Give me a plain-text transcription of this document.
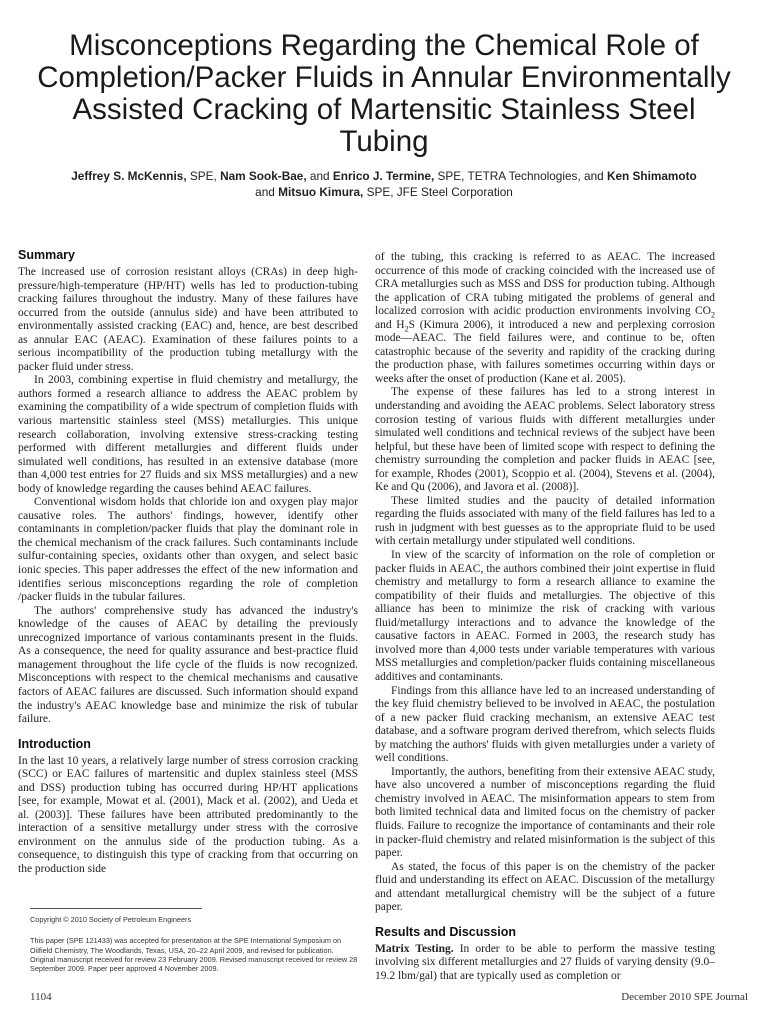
Misconceptions Regarding the Chemical Role of Completion/Packer Fluids in Annular Environmentally Assisted Cracking of Martensitic Stainless Steel Tubing
Jeffrey S. McKennis, SPE, Nam Sook-Bae, and Enrico J. Termine, SPE, TETRA Technologies, and Ken Shimamoto
and Mitsuo Kimura, SPE, JFE Steel Corporation
Summary

The increased use of corrosion resistant alloys (CRAs) in deep high-pressure/high-temperature (HP/HT) wells has led to production-tubing cracking failures throughout the industry. Many of these failures have occurred from the outside (annulus side) and have been attributed to environmentally assisted cracking (EAC) and, hence, are best described as annular EAC (AEAC). Examination of these failures points to a serious incompatibility of the production tubing metallurgy with the packer fluid under stress.

In 2003, combining expertise in fluid chemistry and metallurgy, the authors formed a research alliance to address the AEAC problem by examining the compatibility of a wide spectrum of completion fluids with various martensitic stainless steel (MSS) metallurgies. This unique research collaboration, involving extensive stress-cracking testing performed with different metallurgies and different fluids under simulated well conditions, has resulted in an extensive database (more than 4,000 test entries for 27 fluids and six MSS metallurgies) and a new body of knowledge regarding the causes behind AEAC failures.

Conventional wisdom holds that chloride ion and oxygen play major causative roles. The authors' findings, however, identify other contaminants in completion/packer fluids that play the dominant role in the chemical mechanism of the crack failures. Such contaminants include sulfur-containing species, oxidants other than oxygen, and select basic ionic species. This paper addresses the effect of the new information and identifies serious misconceptions regarding the role of completion /packer fluids in the tubular failures.

The authors' comprehensive study has advanced the industry's knowledge of the causes of AEAC by detailing the previously unrecognized importance of various contaminants present in the fluids. As a consequence, the need for quality assurance and best-practice fluid management throughout the life cycle of the fluids is now recognized. Misconceptions with respect to the chemical mechanisms and causative factors of AEAC failures are discussed. Such information should expand the industry's AEAC knowledge base and minimize the risk of tubular failure.

Introduction

In the last 10 years, a relatively large number of stress corrosion cracking (SCC) or EAC failures of martensitic and duplex stainless steel (MSS and DSS) production tubing has occurred during HP/HT applications [see, for example, Mowat et al. (2001), Mack et al. (2002), and Ueda et al. (2003)]. These failures have been attributed predominantly to the interaction of a sensitive metallurgy under stress with the corrosive environment on the annulus side of the production tubing. As a consequence, to distinguish this type of cracking from that occurring on the production side

of the tubing, this cracking is referred to as AEAC. The increased occurrence of this mode of cracking coincided with the increased use of CRA metallurgies such as MSS and DSS for production tubing. Although the application of CRA tubing mitigated the problems of general and localized corrosion with acidic production environments involving $CO_2$ and $H_2S$ (Kimura 2006), it introduced a new and perplexing corrosion mode—AEAC. The field failures were, and continue to be, often catastrophic because of the severity and rapidity of the cracking during the production phase, with failures sometimes occurring within days or weeks after the onset of production (Kane et al. 2005).

The expense of these failures has led to a strong interest in understanding and avoiding the AEAC problems. Select laboratory stress corrosion testing of various fluids with different metallurgies under simulated well conditions and technical reviews of the subject have been helpful, but these have been of limited scope with respect to defining the chemistry surrounding the completion and packer fluids in AEAC [see, for example, Rhodes (2001), Scoppio et al. (2004), Stevens et al. (2004), Ke and Qu (2006), and Javora et al. (2008)].

These limited studies and the paucity of detailed information regarding the fluids associated with many of the field failures has led to a rush in judgment with best guesses as to the appropriate fluid to be used with certain metallurgy under stipulated well conditions.

In view of the scarcity of information on the role of completion or packer fluids in AEAC, the authors combined their joint expertise in fluid chemistry and metallurgy to form a research alliance to examine the compatibility of their fluids and metallurgies. The objective of this alliance has been to minimize the risk of cracking with various fluid/metallurgy interactions and to advance the knowledge of the causative factors in AEAC. Formed in 2003, the research study has involved more than 4,000 tests under variable temperatures with various MSS metallurgies and completion/packer fluids containing miscellaneous additives and contaminants.

Findings from this alliance have led to an increased understanding of the key fluid chemistry believed to be involved in AEAC, the postulation of a new packer fluid cracking mechanism, an extensive AEAC test database, and a software program derived therefrom, which selects fluids by matching the authors' fluids with given metallurgies under a variety of well conditions.

Importantly, the authors, benefiting from their extensive AEAC study, have also uncovered a number of misconceptions regarding the fluid chemistry involved in AEAC. The misinformation appears to stem from both limited technical data and limited focus on the chemistry of packer fluids. Failure to recognize the importance of contaminants and their role in packer-fluid chemistry and related misinformation is the subject of this paper.

As stated, the focus of this paper is on the chemistry of the packer fluid and understanding its effect on AEAC. Discussion of the metallurgy and attendant metallurgical chemistry will be the subject of a future paper.

Results and Discussion

Matrix Testing. In order to be able to perform the massive testing involving six different metallurgies and 27 fluids of varying density (9.0–19.2 lbm/gal) that are typically used as completion or

Copyright © 2010 Society of Petroleum Engineers

This paper (SPE 121433) was accepted for presentation at the SPE International Symposium on Oilfield Chemistry, The Woodlands, Texas, USA, 20–22 April 2009, and revised for publication. Original manuscript received for review 23 February 2009. Revised manuscript received for review 28 September 2009. Paper peer approved 4 November 2009.

1104	December 2010 SPE Journal
